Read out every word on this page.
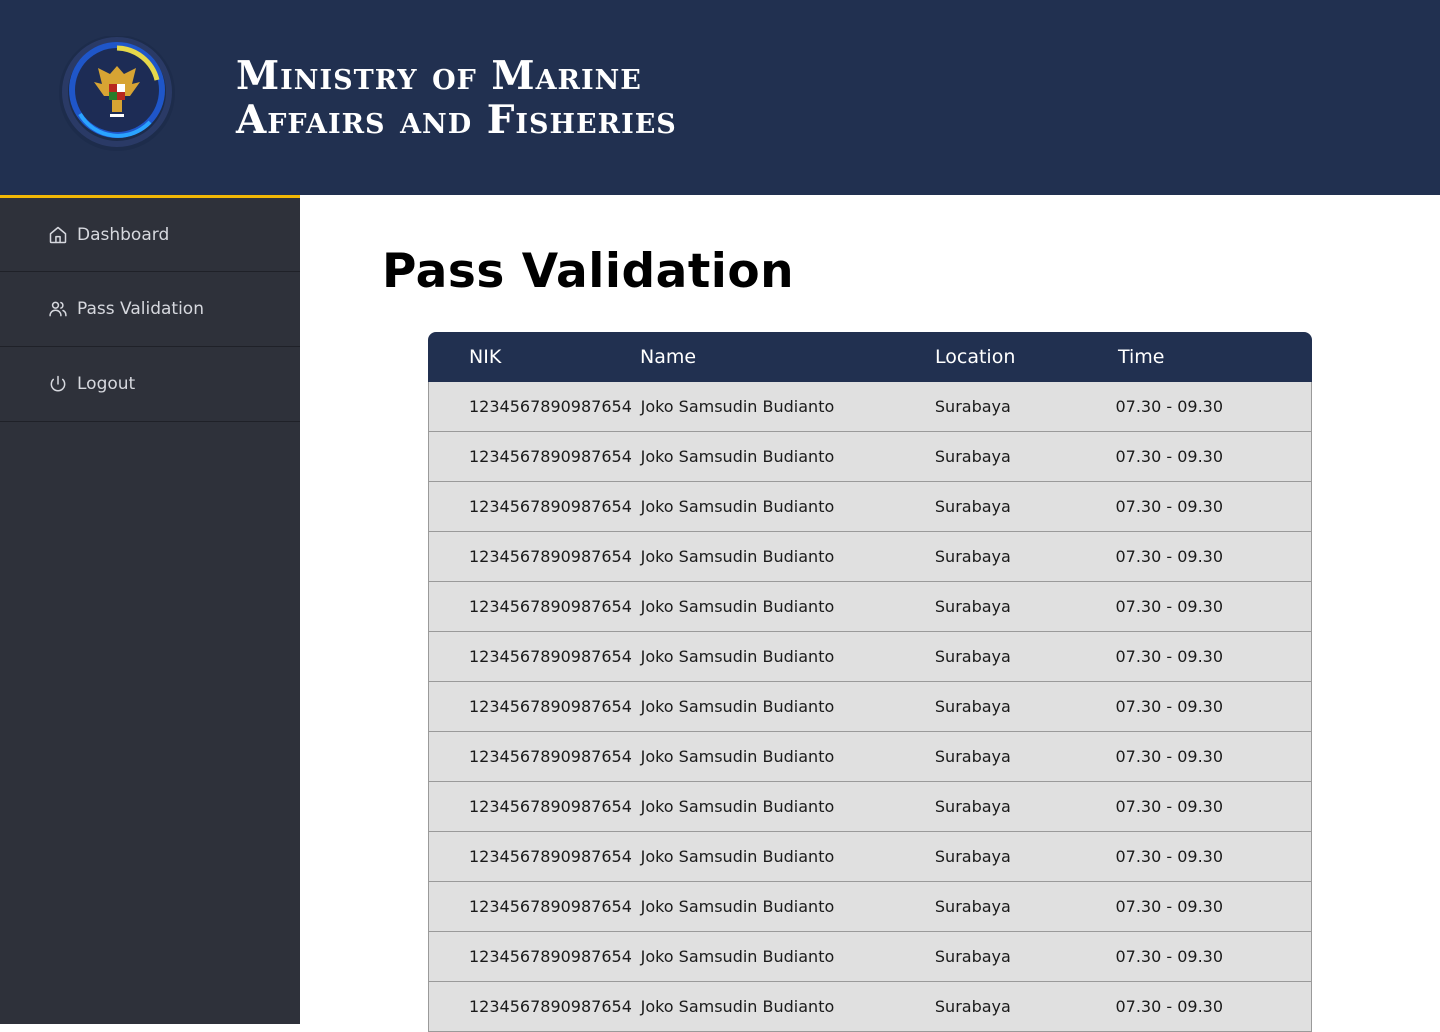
Ministry of Marine
Affairs and Fisheries
Dashboard
Pass Validation
Logout
Pass Validation
NIK	Name	Location	Time
1234567890987654 Joko Samsudin Budianto	Surabaya	07.30 - 09.30
1234567890987654 Joko Samsudin Budianto	Surabaya	07.30 - 09.30
1234567890987654 Joko Samsudin Budianto	Surabaya	07.30 - 09.30
1234567890987654 Joko Samsudin Budianto	Surabaya	07.30 - 09.30
1234567890987654 Joko Samsudin Budianto	Surabaya	07.30 - 09.30
1234567890987654 Joko Samsudin Budianto	Surabaya	07.30 - 09.30
1234567890987654 Joko Samsudin Budianto	Surabaya	07.30 - 09.30
1234567890987654 Joko Samsudin Budianto	Surabaya	07.30 - 09.30
1234567890987654 Joko Samsudin Budianto	Surabaya	07.30 - 09.30
1234567890987654 Joko Samsudin Budianto	Surabaya	07.30 - 09.30
1234567890987654 Joko Samsudin Budianto	Surabaya	07.30 - 09.30
1234567890987654 Joko Samsudin Budianto	Surabaya	07.30 - 09.30
1234567890987654 Joko Samsudin Budianto	Surabaya	07.30 - 09.30
